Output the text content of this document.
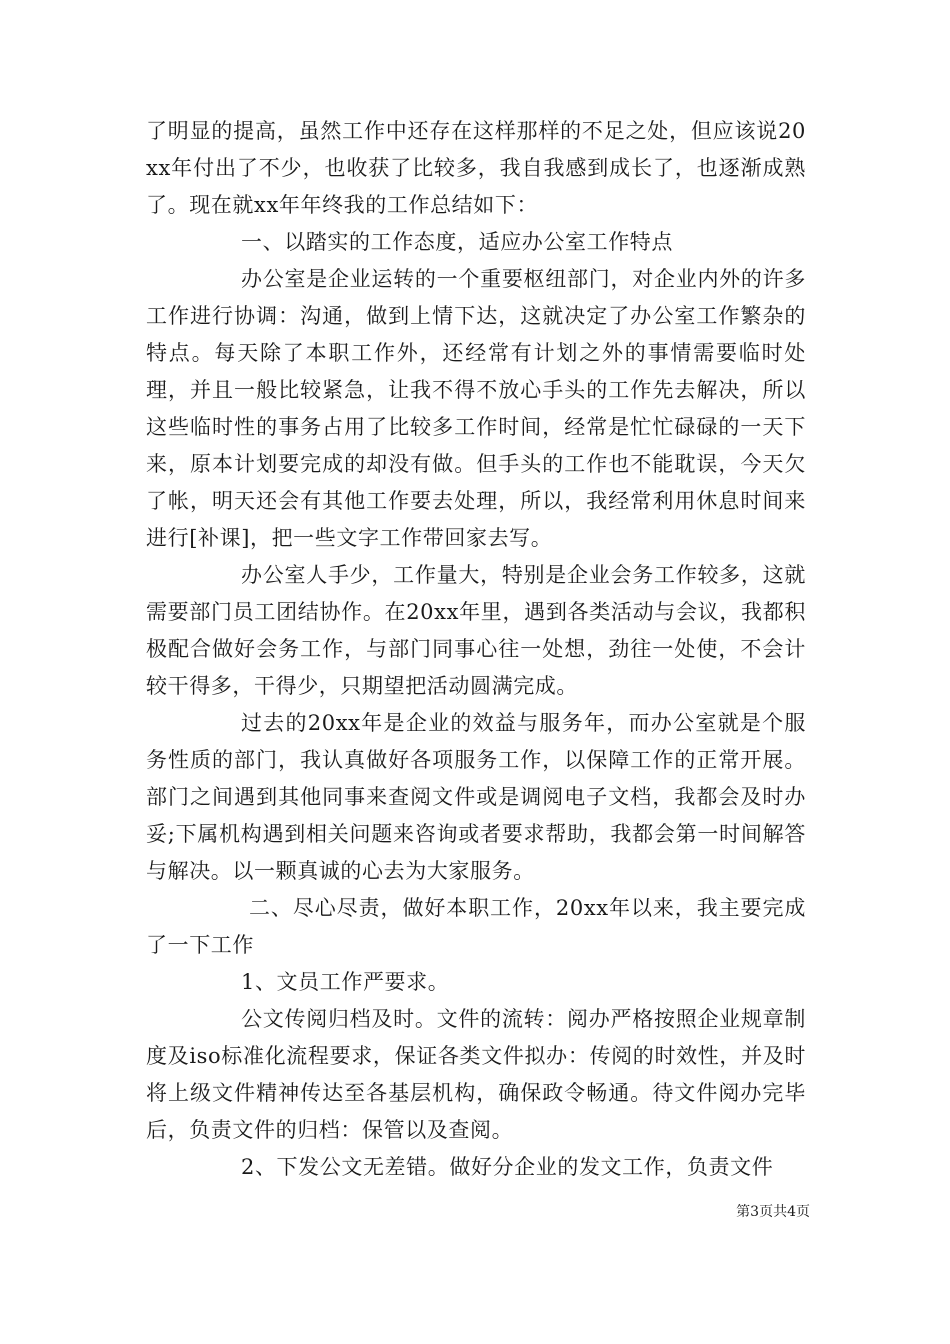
了明显的提高，虽然工作中还存在这样那样的不足之处，但应该说20xx年付出了不少，也收获了比较多，我自我感到成长了，也逐渐成熟了。现在就xx年年终我的工作总结如下：

一、以踏实的工作态度，适应办公室工作特点

办公室是企业运转的一个重要枢纽部门，对企业内外的许多工作进行协调：沟通，做到上情下达，这就决定了办公室工作繁杂的特点。每天除了本职工作外，还经常有计划之外的事情需要临时处理，并且一般比较紧急，让我不得不放心手头的工作先去解决，所以这些临时性的事务占用了比较多工作时间，经常是忙忙碌碌的一天下来，原本计划要完成的却没有做。但手头的工作也不能耽误，今天欠了帐，明天还会有其他工作要去处理，所以，我经常利用休息时间来进行[补课]，把一些文字工作带回家去写。

办公室人手少，工作量大，特别是企业会务工作较多，这就需要部门员工团结协作。在20xx年里，遇到各类活动与会议，我都积极配合做好会务工作，与部门同事心往一处想，劲往一处使，不会计较干得多，干得少，只期望把活动圆满完成。

过去的20xx年是企业的效益与服务年，而办公室就是个服务性质的部门，我认真做好各项服务工作，以保障工作的正常开展。部门之间遇到其他同事来查阅文件或是调阅电子文档，我都会及时办妥;下属机构遇到相关问题来咨询或者要求帮助，我都会第一时间解答与解决。以一颗真诚的心去为大家服务。

二、尽心尽责，做好本职工作，20xx年以来，我主要完成了一下工作

1、文员工作严要求。

公文传阅归档及时。文件的流转：阅办严格按照企业规章制度及iso标准化流程要求，保证各类文件拟办：传阅的时效性，并及时将上级文件精神传达至各基层机构，确保政令畅通。待文件阅办完毕后，负责文件的归档：保管以及查阅。

2、下发公文无差错。做好分企业的发文工作，负责文件

第3页共4页
